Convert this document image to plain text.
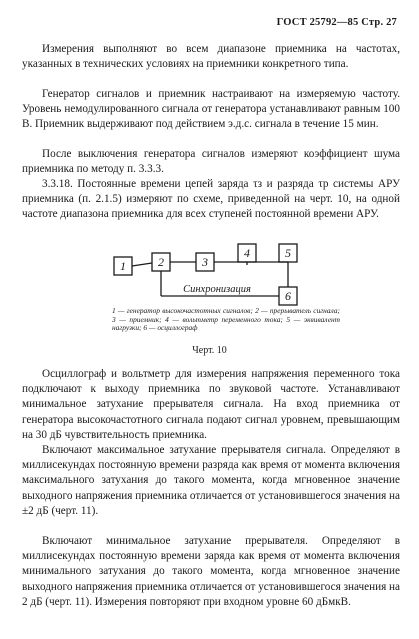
ГОСТ 25792—85 Стр. 27

Измерения выполняют во всем диапазоне приемника на частотах, указанных в технических условиях на приемники конкретного типа.

Генератор сигналов и приемник настраивают на измеряемую частоту. Уровень немодулированного сигнала от генератора устанавливают равным 100 В. Приемник выдерживают под действием э.д.с. сигнала в течение 15 мин.

После выключения генератора сигналов измеряют коэффициент шума приемника по методу п. 3.3.3.

3.3.18. Постоянные времени цепей заряда τз и разряда τр системы АРУ приемника (п. 2.1.5) измеряют по схеме, приведенной на черт. 10, на одной частоте диапазона приемника для всех ступеней постоянной времени АРУ.

1	2	3
4	5
6
Синхронизация
1 — генератор высокочастотных сигналов; 2 — прерыватель сигнала; 3 — приемник; 4 — вольтметр переменного тока; 5 — эквивалент нагрузки; 6 — осциллограф
Черт. 10

Осциллограф и вольтметр для измерения напряжения переменного тока подключают к выходу приемника по звуковой частоте. Устанавливают минимальное затухание прерывателя сигнала. На вход приемника от генератора высокочастотного сигнала подают сигнал уровнем, превышающим на 30 дБ чувствительность приемника.

Включают максимальное затухание прерывателя сигнала. Определяют в миллисекундах постоянную времени разряда как время от момента включения максимального затухания до такого момента, когда мгновенное значение выходного напряжения приемника отличается от установившегося значения на ±2 дБ (черт. 11).

Включают минимальное затухание прерывателя. Определяют в миллисекундах постоянную времени заряда как время от момента включения минимального затухания до такого момента, когда мгновенное значение выходного напряжения приемника отличается от установившегося значения на 2 дБ (черт. 11). Измерения повторяют при входном уровне 60 дБмкВ.
